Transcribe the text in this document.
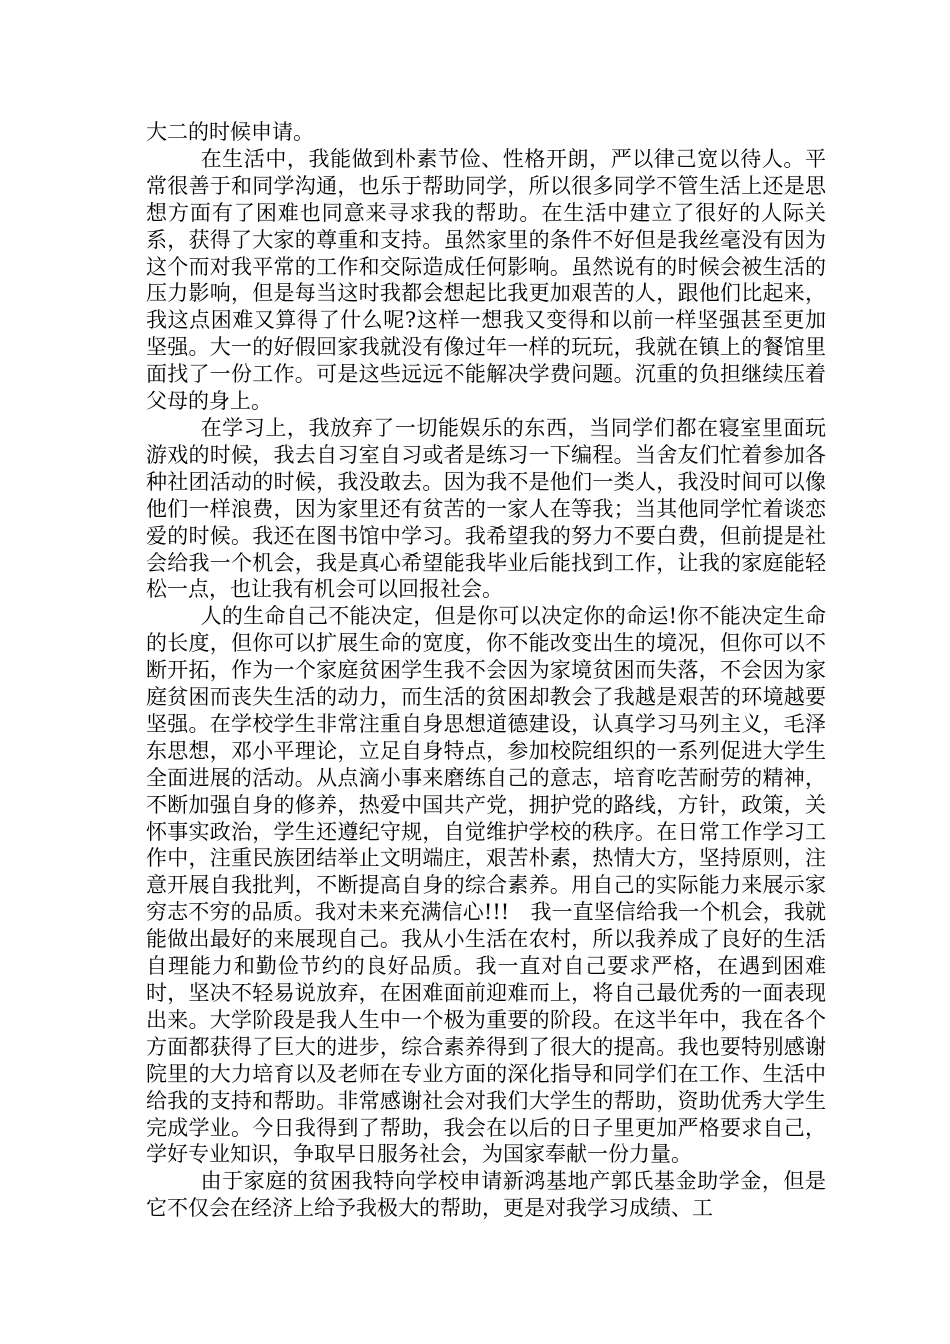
大二的时候申请。

在生活中，我能做到朴素节俭、性格开朗，严以律己宽以待人。平常很善于和同学沟通，也乐于帮助同学，所以很多同学不管生活上还是思想方面有了困难也同意来寻求我的帮助。在生活中建立了很好的人际关系，获得了大家的尊重和支持。虽然家里的条件不好但是我丝毫没有因为这个而对我平常的工作和交际造成任何影响。虽然说有的时候会被生活的压力影响，但是每当这时我都会想起比我更加艰苦的人，跟他们比起来，我这点困难又算得了什么呢?这样一想我又变得和以前一样坚强甚至更加坚强。大一的好假回家我就没有像过年一样的玩玩，我就在镇上的餐馆里面找了一份工作。可是这些远远不能解决学费问题。沉重的负担继续压着父母的身上。

在学习上，我放弃了一切能娱乐的东西，当同学们都在寝室里面玩游戏的时候，我去自习室自习或者是练习一下编程。当舍友们忙着参加各种社团活动的时候，我没敢去。因为我不是他们一类人，我没时间可以像他们一样浪费，因为家里还有贫苦的一家人在等我；当其他同学忙着谈恋爱的时候。我还在图书馆中学习。我希望我的努力不要白费，但前提是社会给我一个机会，我是真心希望能我毕业后能找到工作，让我的家庭能轻松一点，也让我有机会可以回报社会。

人的生命自己不能决定，但是你可以决定你的命运!你不能决定生命的长度，但你可以扩展生命的宽度，你不能改变出生的境况，但你可以不断开拓，作为一个家庭贫困学生我不会因为家境贫困而失落，不会因为家庭贫困而丧失生活的动力，而生活的贫困却教会了我越是艰苦的环境越要坚强。在学校学生非常注重自身思想道德建设，认真学习马列主义，毛泽东思想，邓小平理论，立足自身特点，参加校院组织的一系列促进大学生全面进展的活动。从点滴小事来磨练自己的意志，培育吃苦耐劳的精神，不断加强自身的修养，热爱中国共产党，拥护党的路线，方针，政策，关怀事实政治，学生还遵纪守规，自觉维护学校的秩序。在日常工作学习工作中，注重民族团结举止文明端庄，艰苦朴素，热情大方，坚持原则，注意开展自我批判，不断提高自身的综合素养。用自己的实际能力来展示家穷志不穷的品质。我对未来充满信心!!!　我一直坚信给我一个机会，我就能做出最好的来展现自己。我从小生活在农村，所以我养成了良好的生活自理能力和勤俭节约的良好品质。我一直对自己要求严格，在遇到困难时，坚决不轻易说放弃，在困难面前迎难而上，将自己最优秀的一面表现出来。大学阶段是我人生中一个极为重要的阶段。在这半年中，我在各个方面都获得了巨大的进步，综合素养得到了很大的提高。我也要特别感谢院里的大力培育以及老师在专业方面的深化指导和同学们在工作、生活中给我的支持和帮助。非常感谢社会对我们大学生的帮助，资助优秀大学生完成学业。今日我得到了帮助，我会在以后的日子里更加严格要求自己，学好专业知识，争取早日服务社会，为国家奉献一份力量。

由于家庭的贫困我特向学校申请新鸿基地产郭氏基金助学金，但是它不仅会在经济上给予我极大的帮助，更是对我学习成绩、工
